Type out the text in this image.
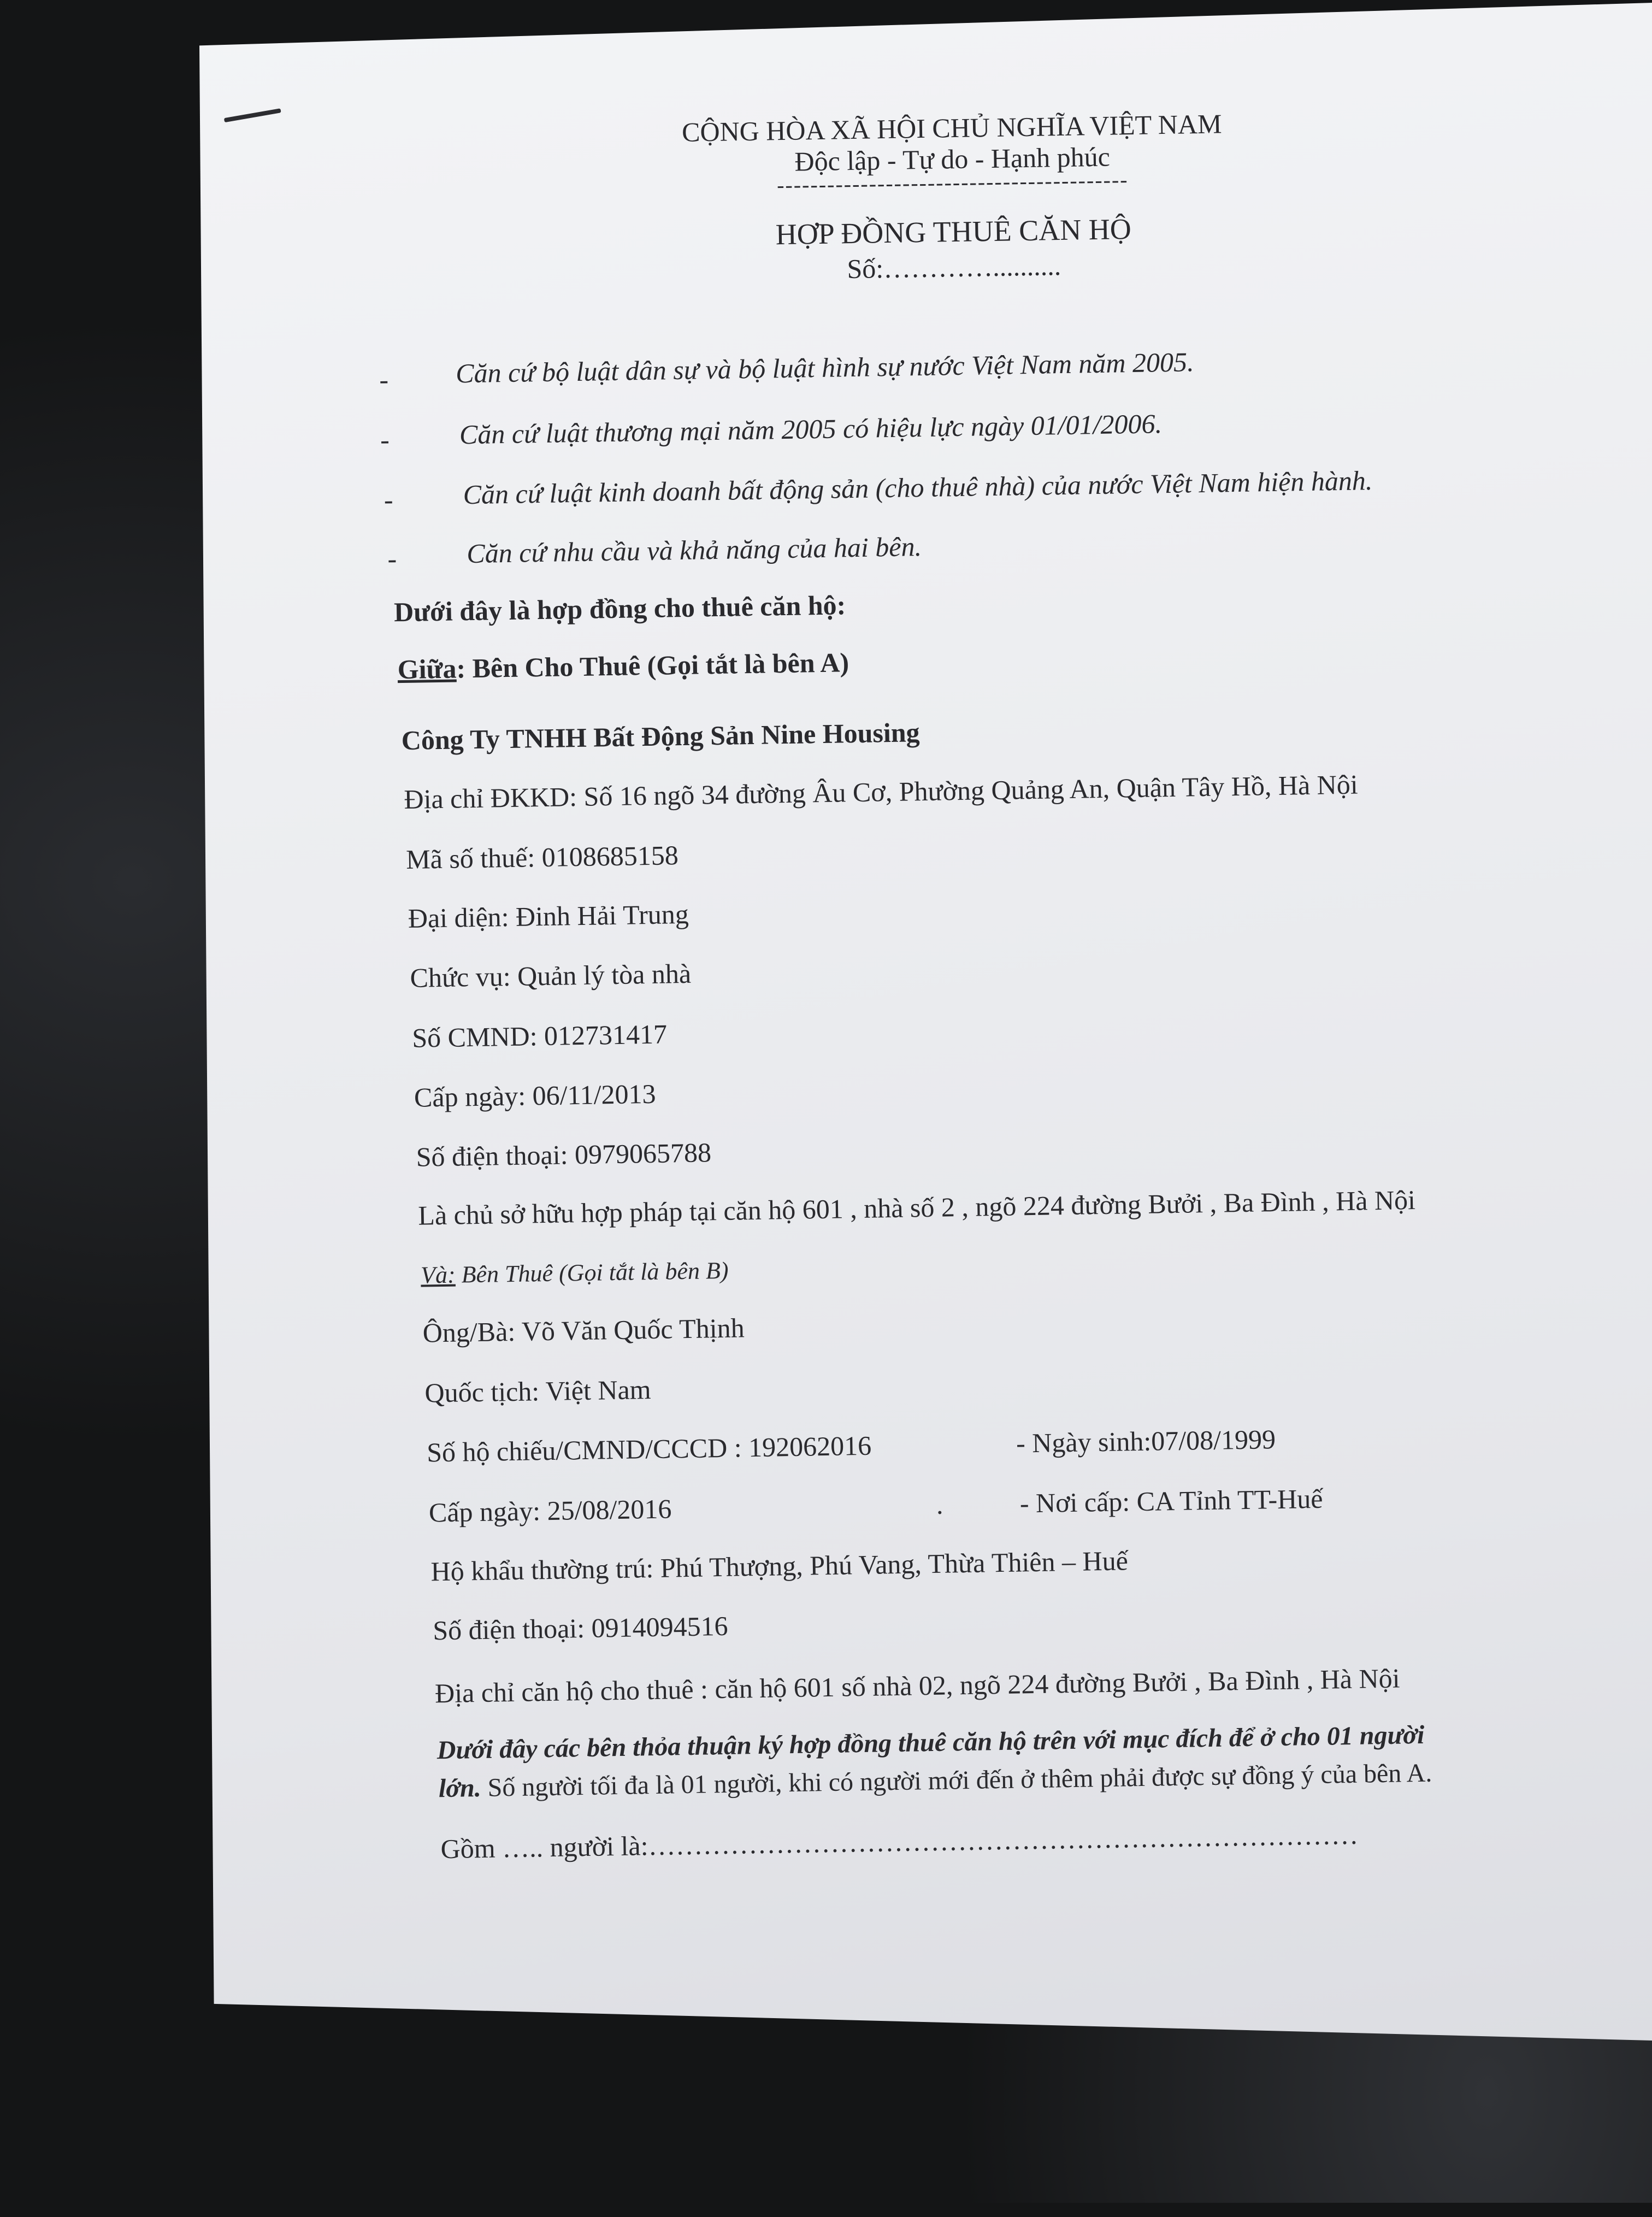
CỘNG HÒA XÃ HỘI CHỦ NGHĨA VIỆT NAM
Độc lập - Tự do - Hạnh phúc
------------------------------------------
HỢP ĐỒNG THUÊ CĂN HỘ
Số:…………..........
- Căn cứ bộ luật dân sự và bộ luật hình sự nước Việt Nam năm 2005.
-	Căn cứ luật thương mại năm 2005 có hiệu lực ngày 01/01/2006.
-	Căn cứ luật kinh doanh bất động sản (cho thuê nhà) của nước Việt Nam hiện hành.
-	Căn cứ nhu cầu và khả năng của hai bên.
Dưới đây là hợp đồng cho thuê căn hộ:
Giữa: Bên Cho Thuê (Gọi tắt là bên A)
Công Ty TNHH Bất Động Sản Nine Housing
Địa chỉ ĐKKD: Số 16 ngõ 34 đường Âu Cơ, Phường Quảng An, Quận Tây Hồ, Hà Nội
Mã số thuế: 0108685158
Đại diện: Đinh Hải Trung
Chức vụ: Quản lý tòa nhà
Số CMND: 012731417
Cấp ngày: 06/11/2013
Số điện thoại: 0979065788
Là chủ sở hữu hợp pháp tại căn hộ 601 , nhà số 2 , ngõ 224 đường Bưởi , Ba Đình , Hà Nội
Và: Bên Thuê (Gọi tắt là bên B)
Ông/Bà: Võ Văn Quốc Thịnh
Quốc tịch: Việt Nam
Số hộ chiếu/CMND/CCCD : 192062016	- Ngày sinh:07/08/1999
Cấp ngày: 25/08/2016	.	- Nơi cấp: CA Tỉnh TT-Huế
Hộ khẩu thường trú: Phú Thượng, Phú Vang, Thừa Thiên – Huế
Số điện thoại: 0914094516
Địa chỉ căn hộ cho thuê : căn hộ 601 số nhà 02, ngõ 224 đường Bưởi , Ba Đình , Hà Nội
Dưới đây các bên thỏa thuận ký hợp đồng thuê căn hộ trên với mục đích để ở cho 01 người
lớn. Số người tối đa là 01 người, khi có người mới đến ở thêm phải được sự đồng ý của bên A.
Gồm ….. người là:……………………………………………………………………
